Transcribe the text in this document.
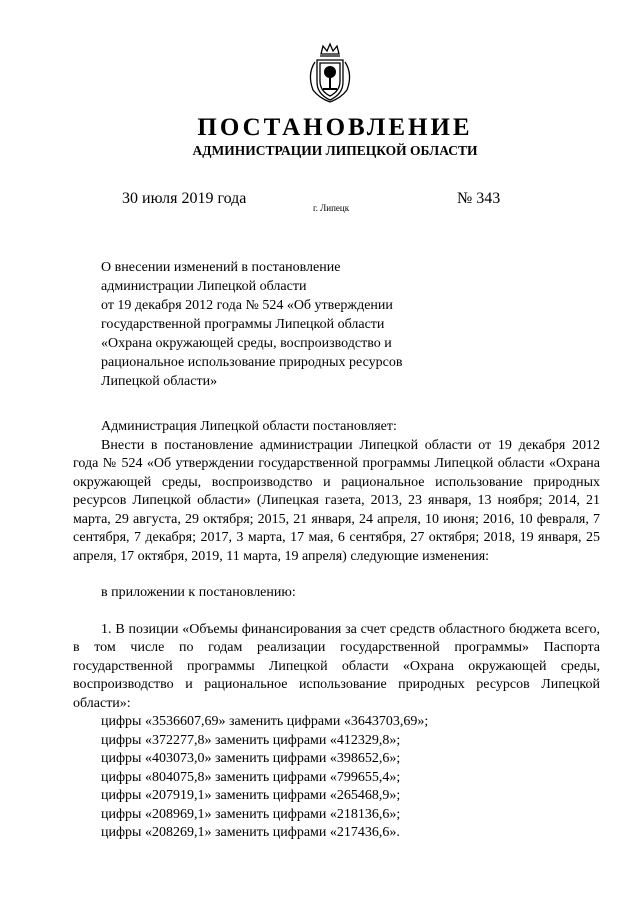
ПОСТАНОВЛЕНИЕ
АДМИНИСТРАЦИИ ЛИПЕЦКОЙ ОБЛАСТИ
30 июля 2019 года
г. Липецк
№ 343
О внесении изменений в постановление
администрации Липецкой области
от 19 декабря 2012 года № 524 «Об утверждении
государственной программы Липецкой области
«Охрана окружающей среды, воспроизводство и
рациональное использование природных ресурсов
Липецкой области»

Администрация Липецкой области постановляет:

Внести в постановление администрации Липецкой области от 19 декабря 2012 года № 524 «Об утверждении государственной программы Липецкой области «Охрана окружающей среды, воспроизводство и рациональное использование природных ресурсов Липецкой области» (Липецкая газета, 2013, 23 января, 13 ноября; 2014, 21 марта, 29 августа, 29 октября; 2015, 21 января, 24 апреля, 10 июня; 2016, 10 февраля, 7 сентября, 7 декабря; 2017, 3 марта, 17 мая, 6 сентября, 27 октября; 2018, 19 января, 25 апреля, 17 октября, 2019, 11 марта, 19 апреля) следующие изменения:

в приложении к постановлению:

1. В позиции «Объемы финансирования за счет средств областного бюджета всего, в том числе по годам реализации государственной программы» Паспорта государственной программы Липецкой области «Охрана окружающей среды, воспроизводство и рациональное использование природных ресурсов Липецкой области»:

цифры «3536607,69» заменить цифрами «3643703,69»;
цифры «372277,8» заменить цифрами «412329,8»;
цифры «403073,0» заменить цифрами «398652,6»;
цифры «804075,8» заменить цифрами «799655,4»;
цифры «207919,1» заменить цифрами «265468,9»;
цифры «208969,1» заменить цифрами «218136,6»;
цифры «208269,1» заменить цифрами «217436,6».
